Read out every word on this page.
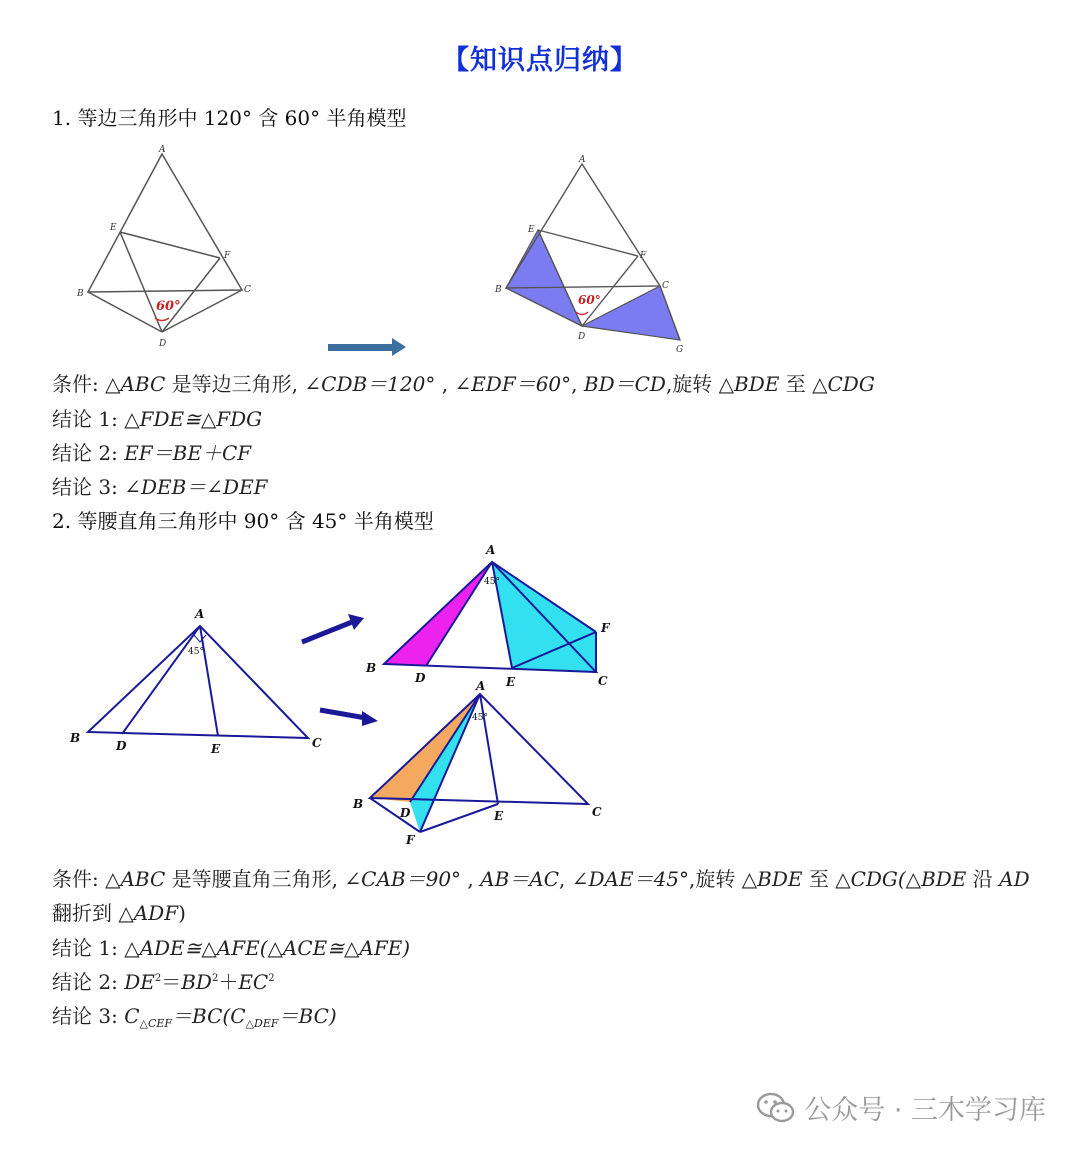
【知识点归纳】
1. 等边三角形中 120° 含 60° 半角模型
A
B	C
D
E
F
60°
A
B	C
D
E
F
G
60°
条件: △ABC 是等边三角形, ∠CDB＝120° , ∠EDF＝60°, BD＝CD,旋转 △BDE 至 △CDG
结论 1: △FDE≅△FDG
结论 2: EF＝BE＋CF
结论 3: ∠DEB＝∠DEF
2. 等腰直角三角形中 90° 含 45° 半角模型
A
B
D	E	C
45°
A
B
D	E	C
F
45°
A
B
D	E	C
F
45°
条件: △ABC 是等腰直角三角形, ∠CAB＝90° , AB＝AC, ∠DAE＝45°,旋转 △BDE 至 △CDG(△BDE 沿 AD
翻折到 △ADF)
结论 1: △ADE≅△AFE(△ACE≅△AFE)
结论 2: $DE^2=BD^2+EC^2$
结论 3: $C_{\triangle CEF}=BC(C_{\triangle DEF}=BC)$
公众号 · 三木学习库
